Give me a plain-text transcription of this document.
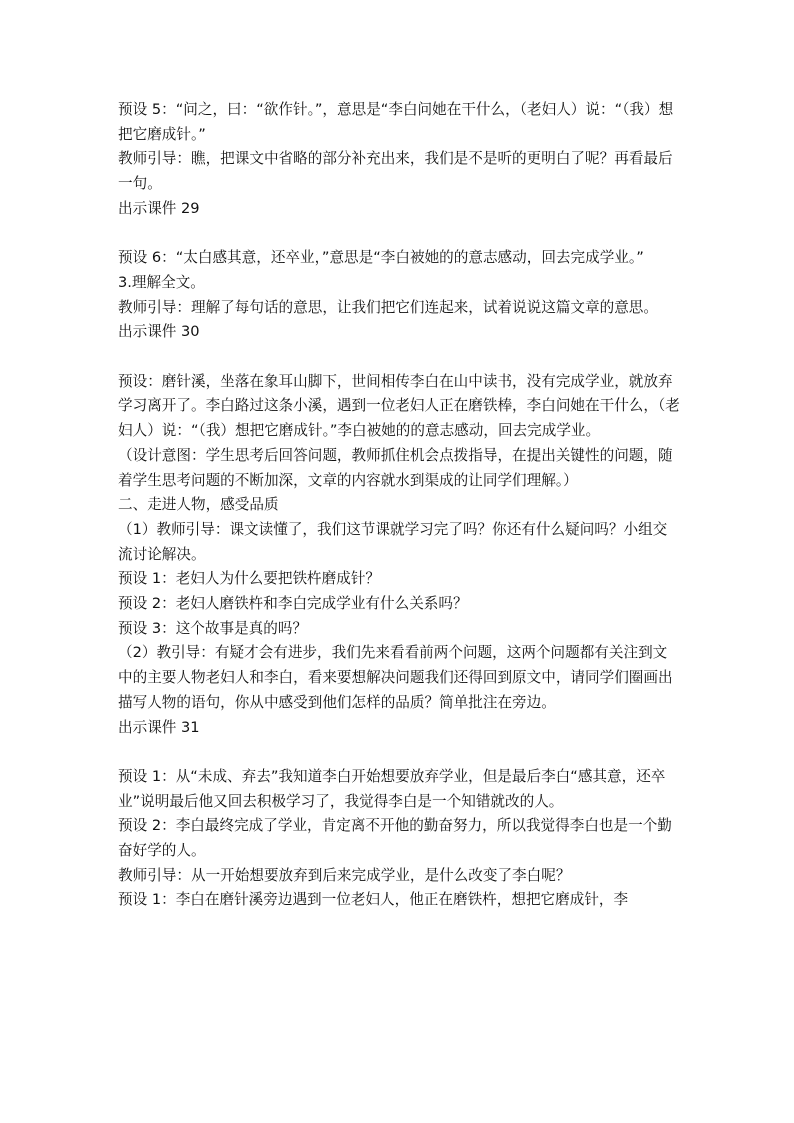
预设 5：“问之，曰：“欲作针。”，意思是“李白问她在干什么，（老妇人）说：“（我）想把它磨成针。”

教师引导：瞧，把课文中省略的部分补充出来，我们是不是听的更明白了呢？再看最后一句。

出示课件 29

预设 6：“太白感其意，还卒业，”意思是“李白被她的的意志感动，回去完成学业。”

3.理解全文。

教师引导：理解了每句话的意思，让我们把它们连起来，试着说说这篇文章的意思。

出示课件 30

预设：磨针溪，坐落在象耳山脚下，世间相传李白在山中读书，没有完成学业，就放弃学习离开了。李白路过这条小溪，遇到一位老妇人正在磨铁棒，李白问她在干什么，（老妇人）说：“（我）想把它磨成针。”李白被她的的意志感动，回去完成学业。

（设计意图：学生思考后回答问题，教师抓住机会点拨指导，在提出关键性的问题，随着学生思考问题的不断加深，文章的内容就水到渠成的让同学们理解。）

二、走进人物，感受品质

（1）教师引导：课文读懂了，我们这节课就学习完了吗？你还有什么疑问吗？小组交流讨论解决。

预设 1：老妇人为什么要把铁杵磨成针？

预设 2：老妇人磨铁杵和李白完成学业有什么关系吗？

预设 3：这个故事是真的吗？

（2）教引导：有疑才会有进步，我们先来看看前两个问题，这两个问题都有关注到文中的主要人物老妇人和李白，看来要想解决问题我们还得回到原文中，请同学们圈画出描写人物的语句，你从中感受到他们怎样的品质？简单批注在旁边。

出示课件 31

预设 1：从“未成、弃去”我知道李白开始想要放弃学业，但是最后李白“感其意，还卒业”说明最后他又回去积极学习了，我觉得李白是一个知错就改的人。

预设 2：李白最终完成了学业，肯定离不开他的勤奋努力，所以我觉得李白也是一个勤奋好学的人。

教师引导：从一开始想要放弃到后来完成学业，是什么改变了李白呢？

预设 1：李白在磨针溪旁边遇到一位老妇人，他正在磨铁杵，想把它磨成针，李
